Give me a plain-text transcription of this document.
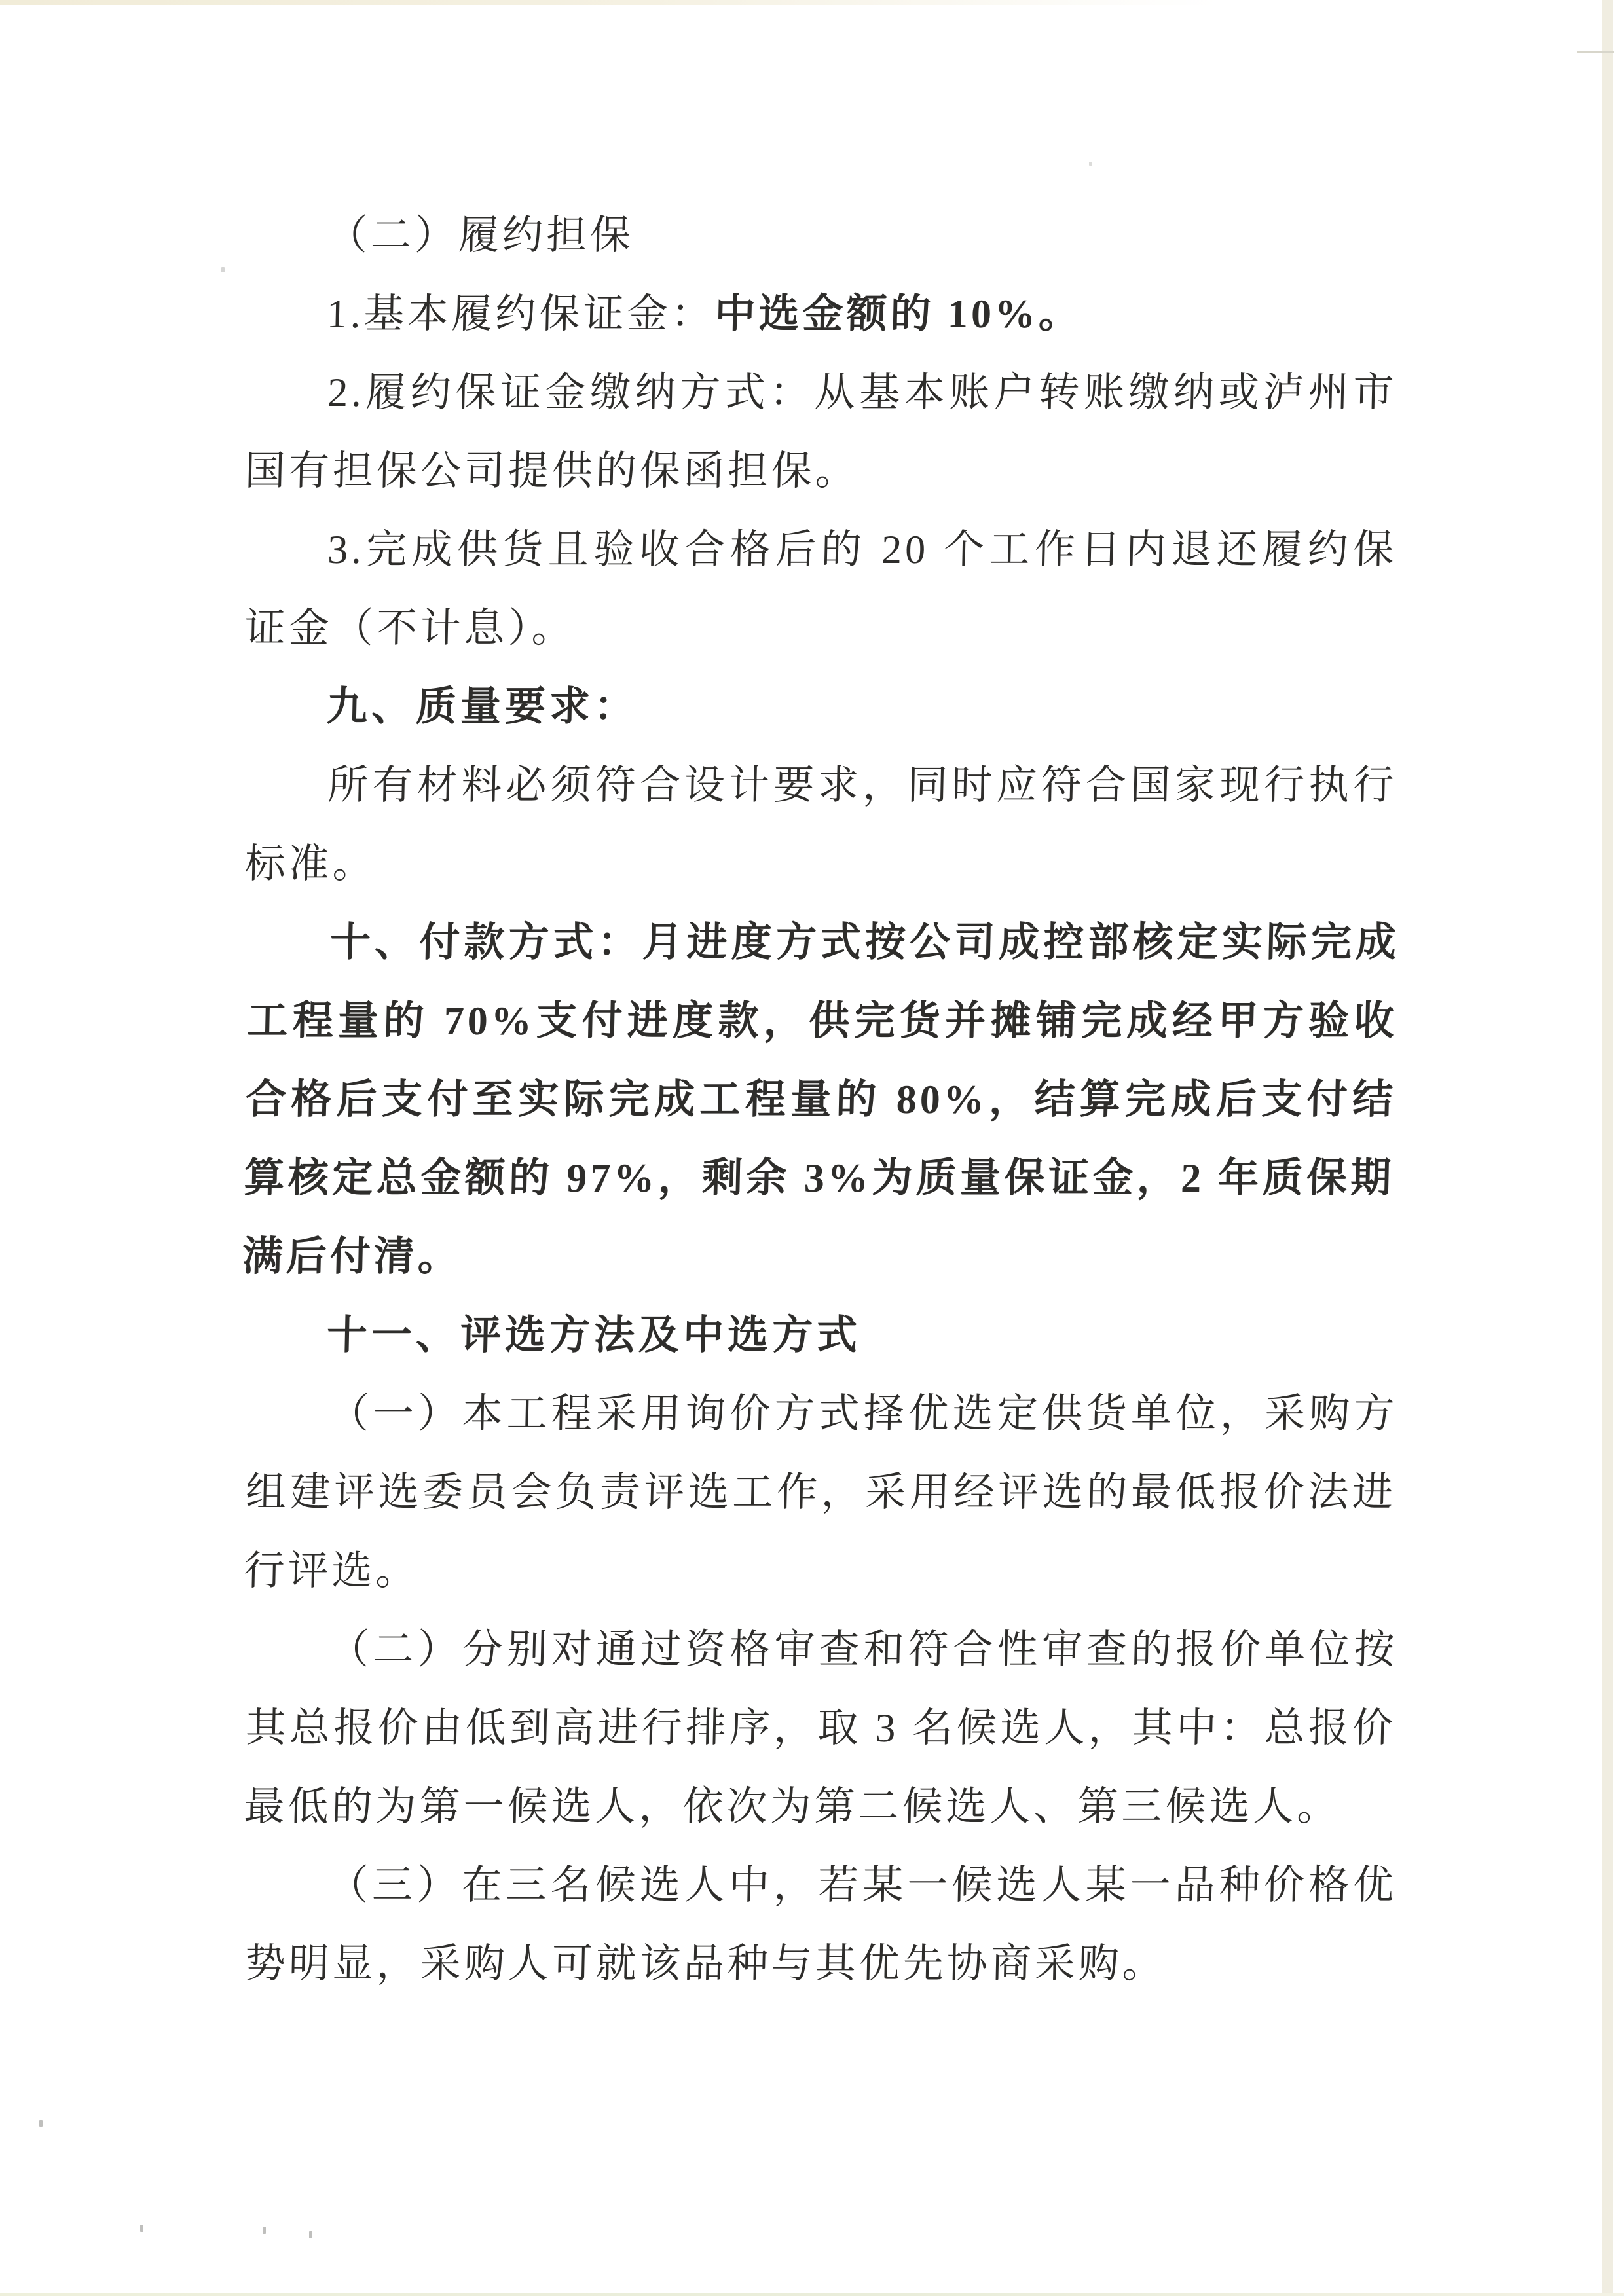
（二）履约担保

1.基本履约保证金：中选金额的 10%。

2.履约保证金缴纳方式：从基本账户转账缴纳或泸州市国有担保公司提供的保函担保。

3.完成供货且验收合格后的 20 个工作日内退还履约保证金（不计息）。

九、质量要求：

所有材料必须符合设计要求，同时应符合国家现行执行标准。

十、付款方式：月进度方式按公司成控部核定实际完成工程量的 70%支付进度款，供完货并摊铺完成经甲方验收合格后支付至实际完成工程量的 80%，结算完成后支付结算核定总金额的 97%，剩余 3%为质量保证金，2 年质保期满后付清。

十一、评选方法及中选方式

（一）本工程采用询价方式择优选定供货单位，采购方组建评选委员会负责评选工作，采用经评选的最低报价法进行评选。

（二）分别对通过资格审查和符合性审查的报价单位按其总报价由低到高进行排序，取 3 名候选人，其中：总报价最低的为第一候选人，依次为第二候选人、第三候选人。

（三）在三名候选人中，若某一候选人某一品种价格优势明显，采购人可就该品种与其优先协商采购。
